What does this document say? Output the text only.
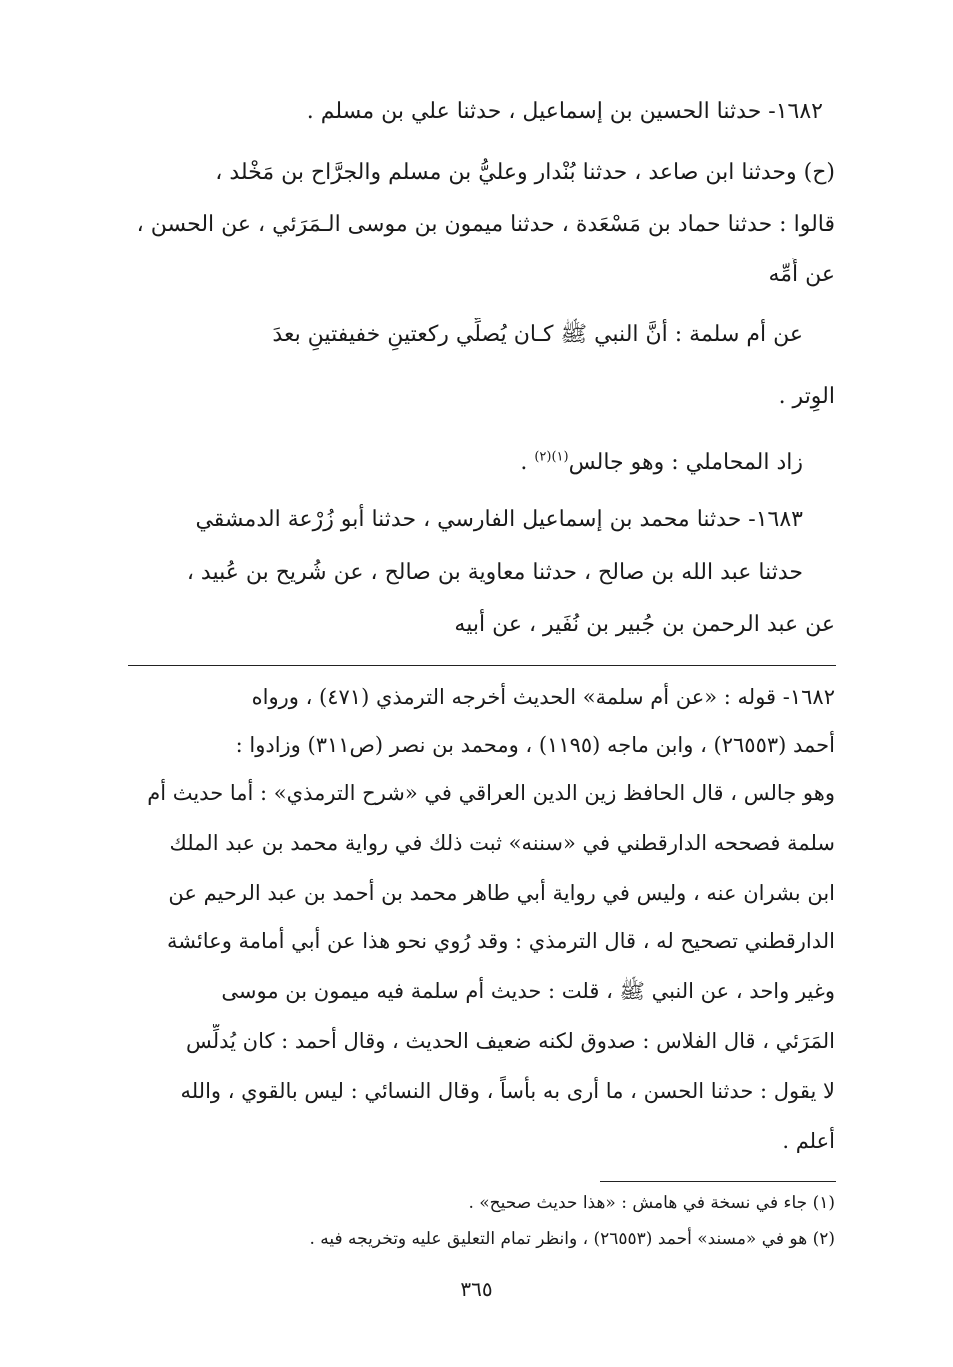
١٦٨٢- حدثنا الحسين بن إسماعيل ، حدثنا علي بن مسلم .
(ح) وحدثنا ابن صاعد ، حدثنا بُنْدار وعليُّ بن مسلم والجرَّاح بن مَخْلد ،
قالوا : حدثنا حماد بن مَسْعَدة ، حدثنا ميمون بن موسى الـمَرَئي ، عن الحسن ،
عن أُمِّه
عن أم سلمة : أنَّ النبي ﷺ كـان يُصلِّي ركعتينِ خفيفتينِ بعدَ
الوِتر .
زاد المحاملي : وهو جالس$^{(١)(٢)}$ .
١٦٨٣- حدثنا محمد بن إسماعيل الفارسي ، حدثنا أبو زُرْعة الدمشقي
حدثنا عبد الله بن صالح ، حدثنا معاوية بن صالح ، عن شُريح بن عُبيد ،
عن عبد الرحمن بن جُبير بن نُفَير ، عن أبيه
١٦٨٢- قوله : «عن أم سلمة» الحديث أخرجه الترمذي (٤٧١) ، ورواه
أحمد (٢٦٥٥٣) ، وابن ماجه (١١٩٥) ، ومحمد بن نصر (ص٣١١) وزادوا :
وهو جالس ، قال الحافظ زين الدين العراقي في «شرح الترمذي» : أما حديث أم
سلمة فصححه الدارقطني في «سننه» ثبت ذلك في رواية محمد بن عبد الملك
ابن بشران عنه ، وليس في رواية أبي طاهر محمد بن أحمد بن عبد الرحيم عن
الدارقطني تصحيح له ، قال الترمذي : وقد رُوي نحو هذا عن أبي أمامة وعائشة
وغير واحد ، عن النبي ﷺ ، قلت : حديث أم سلمة فيه ميمون بن موسى
المَرَئي ، قال الفلاس : صدوق لكنه ضعيف الحديث ، وقال أحمد : كان يُدلِّس
لا يقول : حدثنا الحسن ، ما أرى به بأساً ، وقال النسائي : ليس بالقوي ، والله
أعلم .
(١) جاء في نسخة في هامش : «هذا حديث صحيح» .
(٢) هو في «مسند» أحمد (٢٦٥٥٣) ، وانظر تمام التعليق عليه وتخريجه فيه .
٣٦٥
